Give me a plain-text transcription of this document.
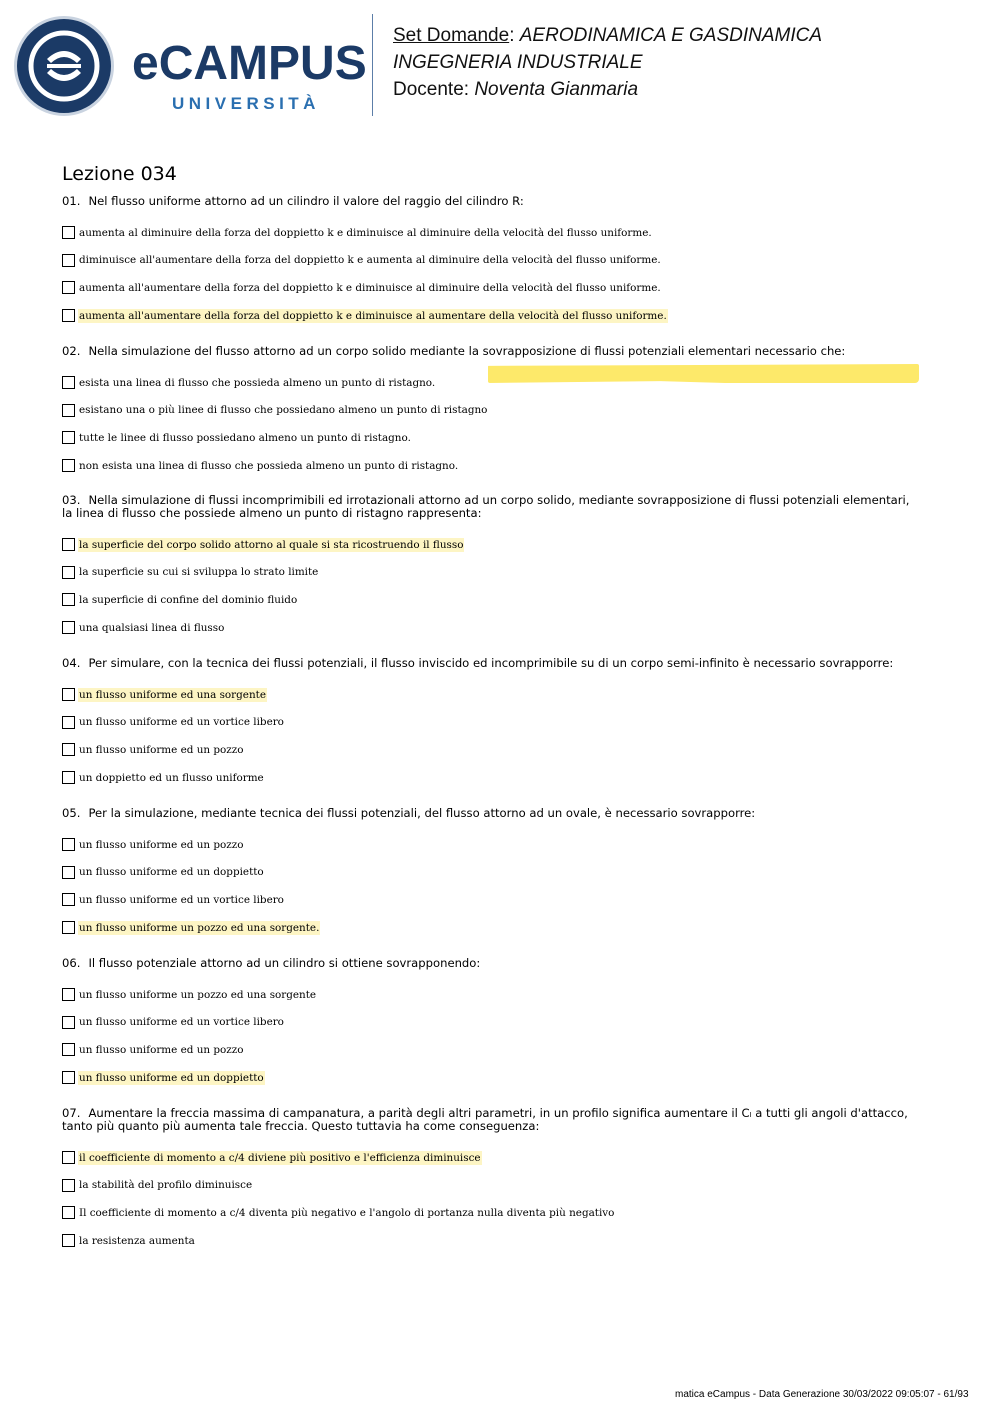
eCAMPUS
UNIVERSITÀ
Set Domande: AERODINAMICA E GASDINAMICA
INGEGNERIA INDUSTRIALE
Docente: Noventa Gianmaria
Lezione 034

01. Nel flusso uniforme attorno ad un cilindro il valore del raggio del cilindro R:

aumenta al diminuire della forza del doppietto k e diminuisce al diminuire della velocità del flusso uniforme.
diminuisce all'aumentare della forza del doppietto k e aumenta al diminuire della velocità del flusso uniforme.
aumenta all'aumentare della forza del doppietto k e diminuisce al diminuire della velocità del flusso uniforme.
aumenta all'aumentare della forza del doppietto k e diminuisce al aumentare della velocità del flusso uniforme.

02. Nella simulazione del flusso attorno ad un corpo solido mediante la sovrapposizione di flussi potenziali elementari necessario che:

esista una linea di flusso che possieda almeno un punto di ristagno.
esistano una o più linee di flusso che possiedano almeno un punto di ristagno
tutte le linee di flusso possiedano almeno un punto di ristagno.
non esista una linea di flusso che possieda almeno un punto di ristagno.

03. Nella simulazione di flussi incomprimibili ed irrotazionali attorno ad un corpo solido, mediante sovrapposizione di flussi potenziali elementari, la linea di flusso che possiede almeno un punto di ristagno rappresenta:

la superficie del corpo solido attorno al quale si sta ricostruendo il flusso
la superficie su cui si sviluppa lo strato limite
la superficie di confine del dominio fluido
una qualsiasi linea di flusso

04. Per simulare, con la tecnica dei flussi potenziali, il flusso inviscido ed incomprimibile su di un corpo semi-infinito è necessario sovrapporre:

un flusso uniforme ed una sorgente
un flusso uniforme ed un vortice libero
un flusso uniforme ed un pozzo
un doppietto ed un flusso uniforme

05. Per la simulazione, mediante tecnica dei flussi potenziali, del flusso attorno ad un ovale, è necessario sovrapporre:

un flusso uniforme ed un pozzo
un flusso uniforme ed un doppietto
un flusso uniforme ed un vortice libero
un flusso uniforme un pozzo ed una sorgente.

06. Il flusso potenziale attorno ad un cilindro si ottiene sovrapponendo:

un flusso uniforme un pozzo ed una sorgente
un flusso uniforme ed un vortice libero
un flusso uniforme ed un pozzo
un flusso uniforme ed un doppietto

07. Aumentare la freccia massima di campanatura, a parità degli altri parametri, in un profilo significa aumentare il Cₗ a tutti gli angoli d'attacco, tanto più quanto più aumenta tale freccia. Questo tuttavia ha come conseguenza:

il coefficiente di momento a c/4 diviene più positivo e l'efficienza diminuisce
la stabilità del profilo diminuisce
Il coefficiente di momento a c/4 diventa più negativo e l'angolo di portanza nulla diventa più negativo
la resistenza aumenta
matica eCampus - Data Generazione 30/03/2022 09:05:07 - 61/93
